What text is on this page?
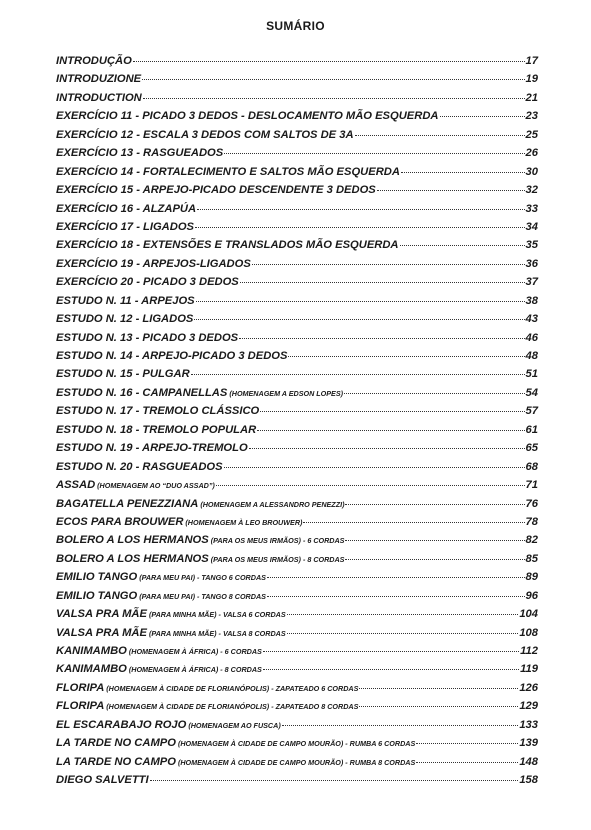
SUMÁRIO
INTRODUÇÃO	17
INTRODUZIONE	19
INTRODUCTION	21
EXERCÍCIO 11 - PICADO 3 DEDOS - DESLOCAMENTO MÃO ESQUERDA	23
EXERCÍCIO 12 - ESCALA 3 DEDOS COM SALTOS DE 3A	25
EXERCÍCIO 13 - RASGUEADOS	26
EXERCÍCIO 14 - FORTALECIMENTO E SALTOS MÃO ESQUERDA	30
EXERCÍCIO 15 - ARPEJO-PICADO DESCENDENTE 3 DEDOS	32
EXERCÍCIO 16 - ALZAPÚA	33
EXERCÍCIO 17 - LIGADOS	34
EXERCÍCIO 18 - EXTENSÕES E TRANSLADOS MÃO ESQUERDA	35
EXERCÍCIO 19 - ARPEJOS-LIGADOS	36
EXERCÍCIO 20 - PICADO 3 DEDOS	37
ESTUDO N. 11 - ARPEJOS	38
ESTUDO N. 12 - LIGADOS	43
ESTUDO N. 13 - PICADO 3 DEDOS	46
ESTUDO N. 14 - ARPEJO-PICADO 3 DEDOS	48
ESTUDO N. 15 - PULGAR	51
ESTUDO N. 16 - CAMPANELLAS (HOMENAGEM A EDSON LOPES)	54
ESTUDO N. 17 - TREMOLO CLÁSSICO	57
ESTUDO N. 18 - TREMOLO POPULAR	61
ESTUDO N. 19 - ARPEJO-TREMOLO	65
ESTUDO N. 20 - RASGUEADOS	68
ASSAD (HOMENAGEM AO “DUO ASSAD”)	71
BAGATELLA PENEZZIANA (HOMENAGEM A ALESSANDRO PENEZZI)	76
ECOS PARA BROUWER (HOMENAGEM À LEO BROUWER)	78
BOLERO A LOS HERMANOS (PARA OS MEUS IRMÃOS) - 6 CORDAS	82
BOLERO A LOS HERMANOS (PARA OS MEUS IRMÃOS) - 8 CORDAS	85
EMILIO TANGO (PARA MEU PAI) - TANGO 6 CORDAS	89
EMILIO TANGO (PARA MEU PAI) - TANGO 8 CORDAS	96
VALSA PRA MÃE (PARA MINHA MÃE) - VALSA 6 CORDAS	104
VALSA PRA MÃE (PARA MINHA MÃE) - VALSA 8 CORDAS	108
KANIMAMBO (HOMENAGEM À ÁFRICA) - 6 CORDAS	112
KANIMAMBO (HOMENAGEM À ÁFRICA) - 8 CORDAS	119
FLORIPA (HOMENAGEM À CIDADE DE FLORIANÓPOLIS) - ZAPATEADO 6 CORDAS	126
FLORIPA (HOMENAGEM À CIDADE DE FLORIANÓPOLIS) - ZAPATEADO 8 CORDAS	129
EL ESCARABAJO ROJO (HOMENAGEM AO FUSCA)	133
LA TARDE NO CAMPO (HOMENAGEM À CIDADE DE CAMPO MOURÃO) - RUMBA 6 CORDAS	139
LA TARDE NO CAMPO (HOMENAGEM À CIDADE DE CAMPO MOURÃO) - RUMBA 8 CORDAS	148
DIEGO SALVETTI	158
